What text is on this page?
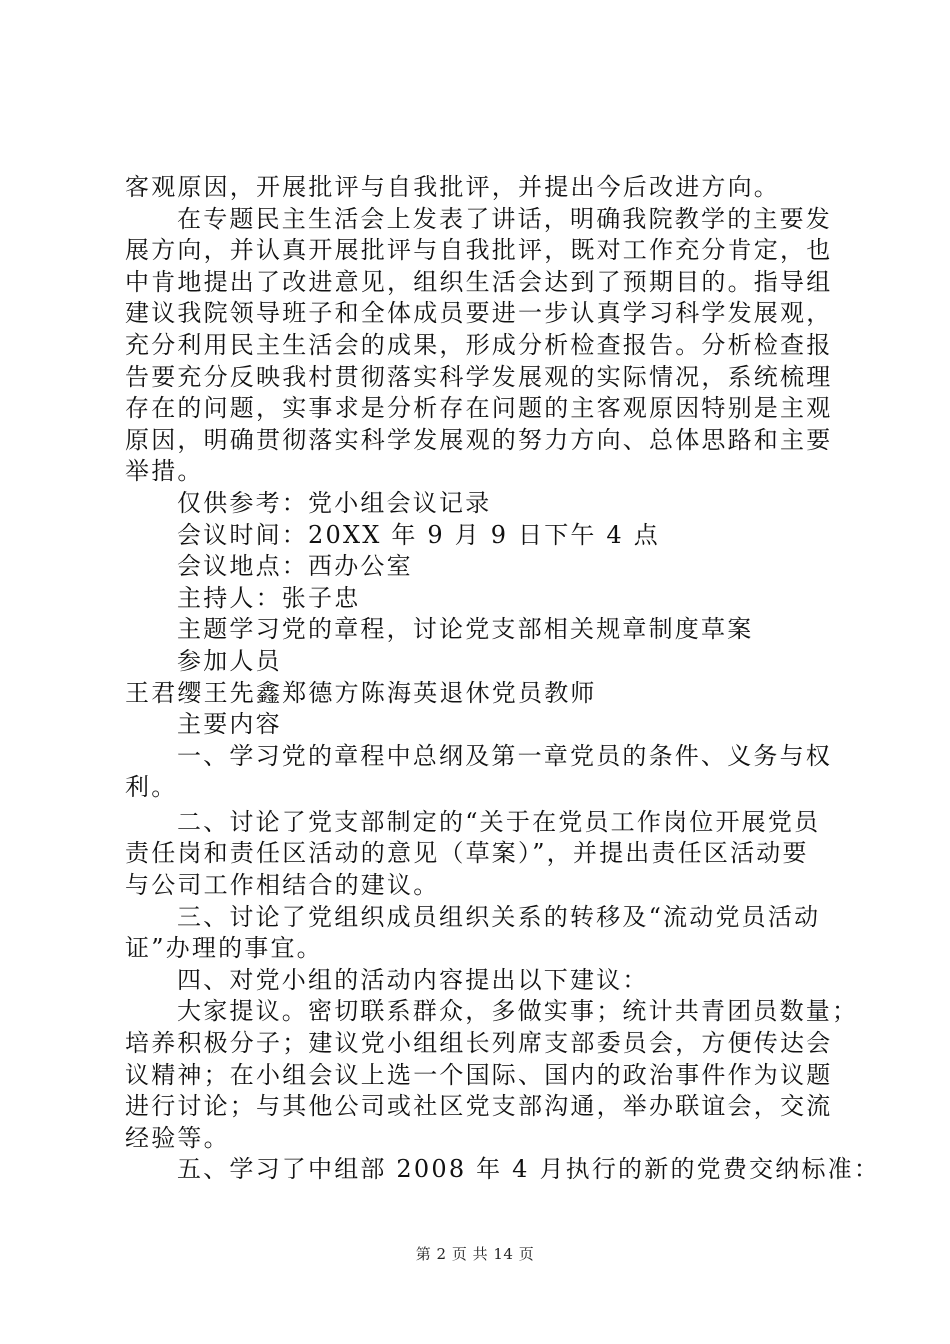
客观原因，开展批评与自我批评，并提出今后改进方向。
在专题民主生活会上发表了讲话，明确我院教学的主要发
展方向，并认真开展批评与自我批评，既对工作充分肯定，也
中肯地提出了改进意见，组织生活会达到了预期目的。指导组
建议我院领导班子和全体成员要进一步认真学习科学发展观，
充分利用民主生活会的成果，形成分析检查报告。分析检查报
告要充分反映我村贯彻落实科学发展观的实际情况，系统梳理
存在的问题，实事求是分析存在问题的主客观原因特别是主观
原因，明确贯彻落实科学发展观的努力方向、总体思路和主要
举措。
仅供参考：党小组会议记录
会议时间：20XX 年 9 月 9 日下午 4 点
会议地点：西办公室
主持人：张子忠
主题学习党的章程，讨论党支部相关规章制度草案
参加人员
王君缨王先鑫郑德方陈海英退休党员教师
主要内容
一、学习党的章程中总纲及第一章党员的条件、义务与权
利。
二、讨论了党支部制定的“关于在党员工作岗位开展党员
责任岗和责任区活动的意见（草案）”，并提出责任区活动要
与公司工作相结合的建议。
三、讨论了党组织成员组织关系的转移及“流动党员活动
证”办理的事宜。
四、对党小组的活动内容提出以下建议：
大家提议。密切联系群众，多做实事；统计共青团员数量；
培养积极分子；建议党小组组长列席支部委员会，方便传达会
议精神；在小组会议上选一个国际、国内的政治事件作为议题
进行讨论；与其他公司或社区党支部沟通，举办联谊会，交流
经验等。
五、学习了中组部 2008 年 4 月执行的新的党费交纳标准：
第 2 页 共 14 页
